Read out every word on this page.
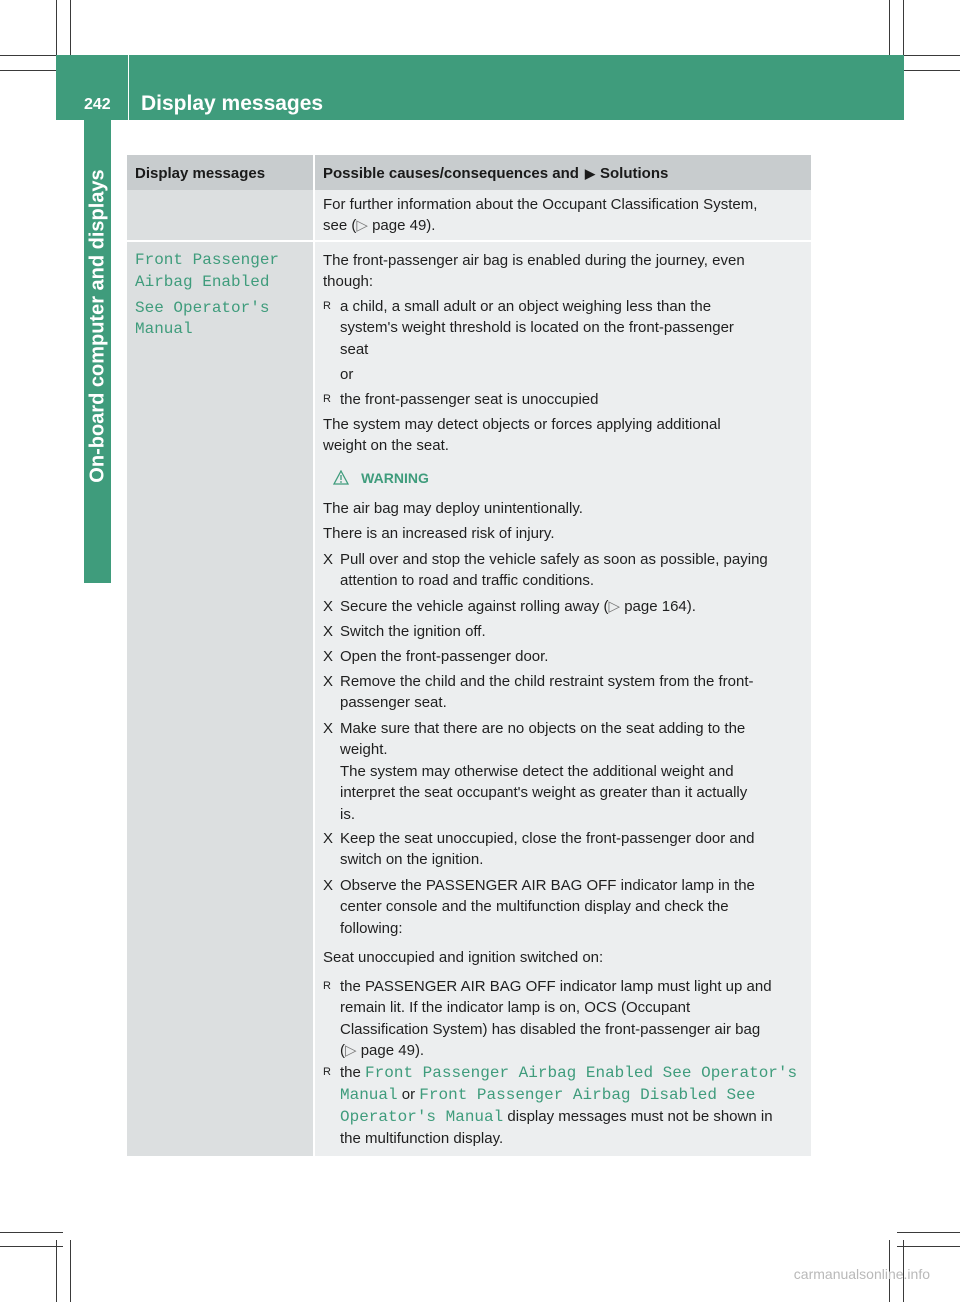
242 Display messages
On-board computer and displays Display messages	Possible causes/consequences and ▶ Solutions
For further information about the Occupant Classification System,
see (▷ page 49).
Front Passenger
Airbag Enabled
See Operator's
Manual
The front-passenger air bag is enabled during the journey, even
though:
R a child, a small adult or an object weighing less than the
system's weight threshold is located on the front-passenger
seat
or
R the front-passenger seat is unoccupied
The system may detect objects or forces applying additional
weight on the seat.
WARNING
The air bag may deploy unintentionally.
There is an increased risk of injury.
X Pull over and stop the vehicle safely as soon as possible, paying
attention to road and traffic conditions.
X Secure the vehicle against rolling away (▷ page 164).
X Switch the ignition off.
X Open the front-passenger door.
X Remove the child and the child restraint system from the front-
passenger seat.
X Make sure that there are no objects on the seat adding to the
weight.
The system may otherwise detect the additional weight and
interpret the seat occupant's weight as greater than it actually
is.
X Keep the seat unoccupied, close the front-passenger door and
switch on the ignition.
X Observe the PASSENGER AIR BAG OFF indicator lamp in the
center console and the multifunction display and check the
following:
Seat unoccupied and ignition switched on:
R the PASSENGER AIR BAG OFF indicator lamp must light up and
remain lit. If the indicator lamp is on, OCS (Occupant
Classification System) has disabled the front-passenger air bag
(▷ page 49).
R the Front Passenger Airbag Enabled See Operator's
Manual or Front Passenger Airbag Disabled See
Operator's Manual display messages must not be shown in
the multifunction display.
carmanualsonline.info
